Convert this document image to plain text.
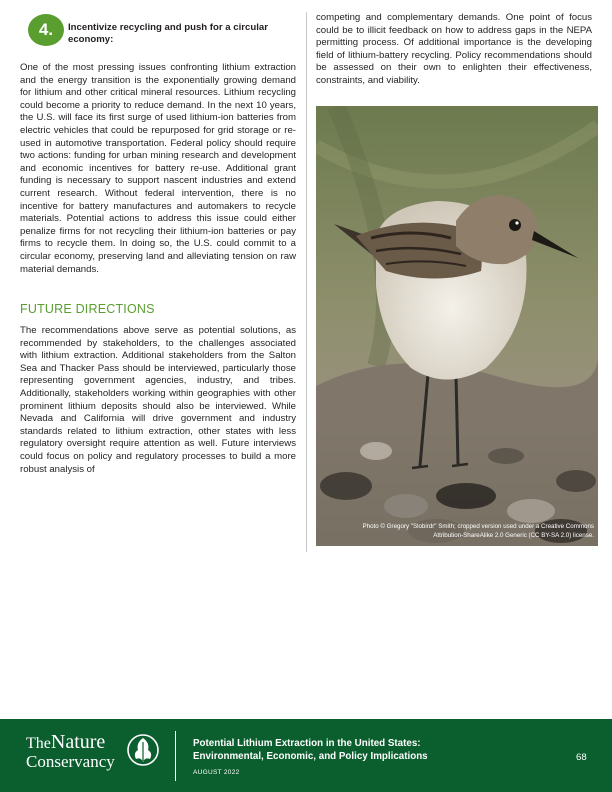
4.	Incentivize recycling and push for a circular economy:

One of the most pressing issues confronting lithium extraction and the energy transition is the exponentially growing demand for lithium and other critical mineral resources. Lithium recycling could become a priority to reduce demand. In the next 10 years, the U.S. will face its first surge of used lithium-ion batteries from electric vehicles that could be repurposed for grid storage or re-used in automotive transportation. Federal policy should require two actions: funding for urban mining research and development and economic incentives for battery re-use. Additional grant funding is necessary to support nascent industries and extend current research. Without federal intervention, there is no incentive for battery manufactures and automakers to recycle materials. Potential actions to address this issue could either penalize firms for not recycling their lithium-ion batteries or pay firms to recycle them. In doing so, the U.S. could commit to a circular economy, preserving land and alleviating tension on raw material demands.

FUTURE DIRECTIONS

The recommendations above serve as potential solutions, as recommended by stakeholders, to the challenges associated with lithium extraction. Additional stakeholders from the Salton Sea and Thacker Pass should be interviewed, particularly those representing government agencies, industry, and tribes. Additionally, stakeholders working within geographies with other prominent lithium deposits should also be interviewed. While Nevada and California will drive government and industry standards related to lithium extraction, other states with less regulatory oversight require attention as well. Future interviews could focus on policy and regulatory processes to build a more robust analysis of

competing and complementary demands. One point of focus could be to illicit feedback on how to address gaps in the NEPA permitting process. Of additional importance is the developing field of lithium-battery recycling. Policy recommendations should be assessed on their own to enlighten their effectiveness, constraints, and viability.

Photo © Gregory "Slobirdr" Smith; cropped version used under a Creative Commons Attribution-ShareAlike 2.0 Generic (CC BY-SA 2.0) license.
TheNature
Conservancy
Potential Lithium Extraction in the United States:
Environmental, Economic, and Policy Implications
AUGUST 2022
68
